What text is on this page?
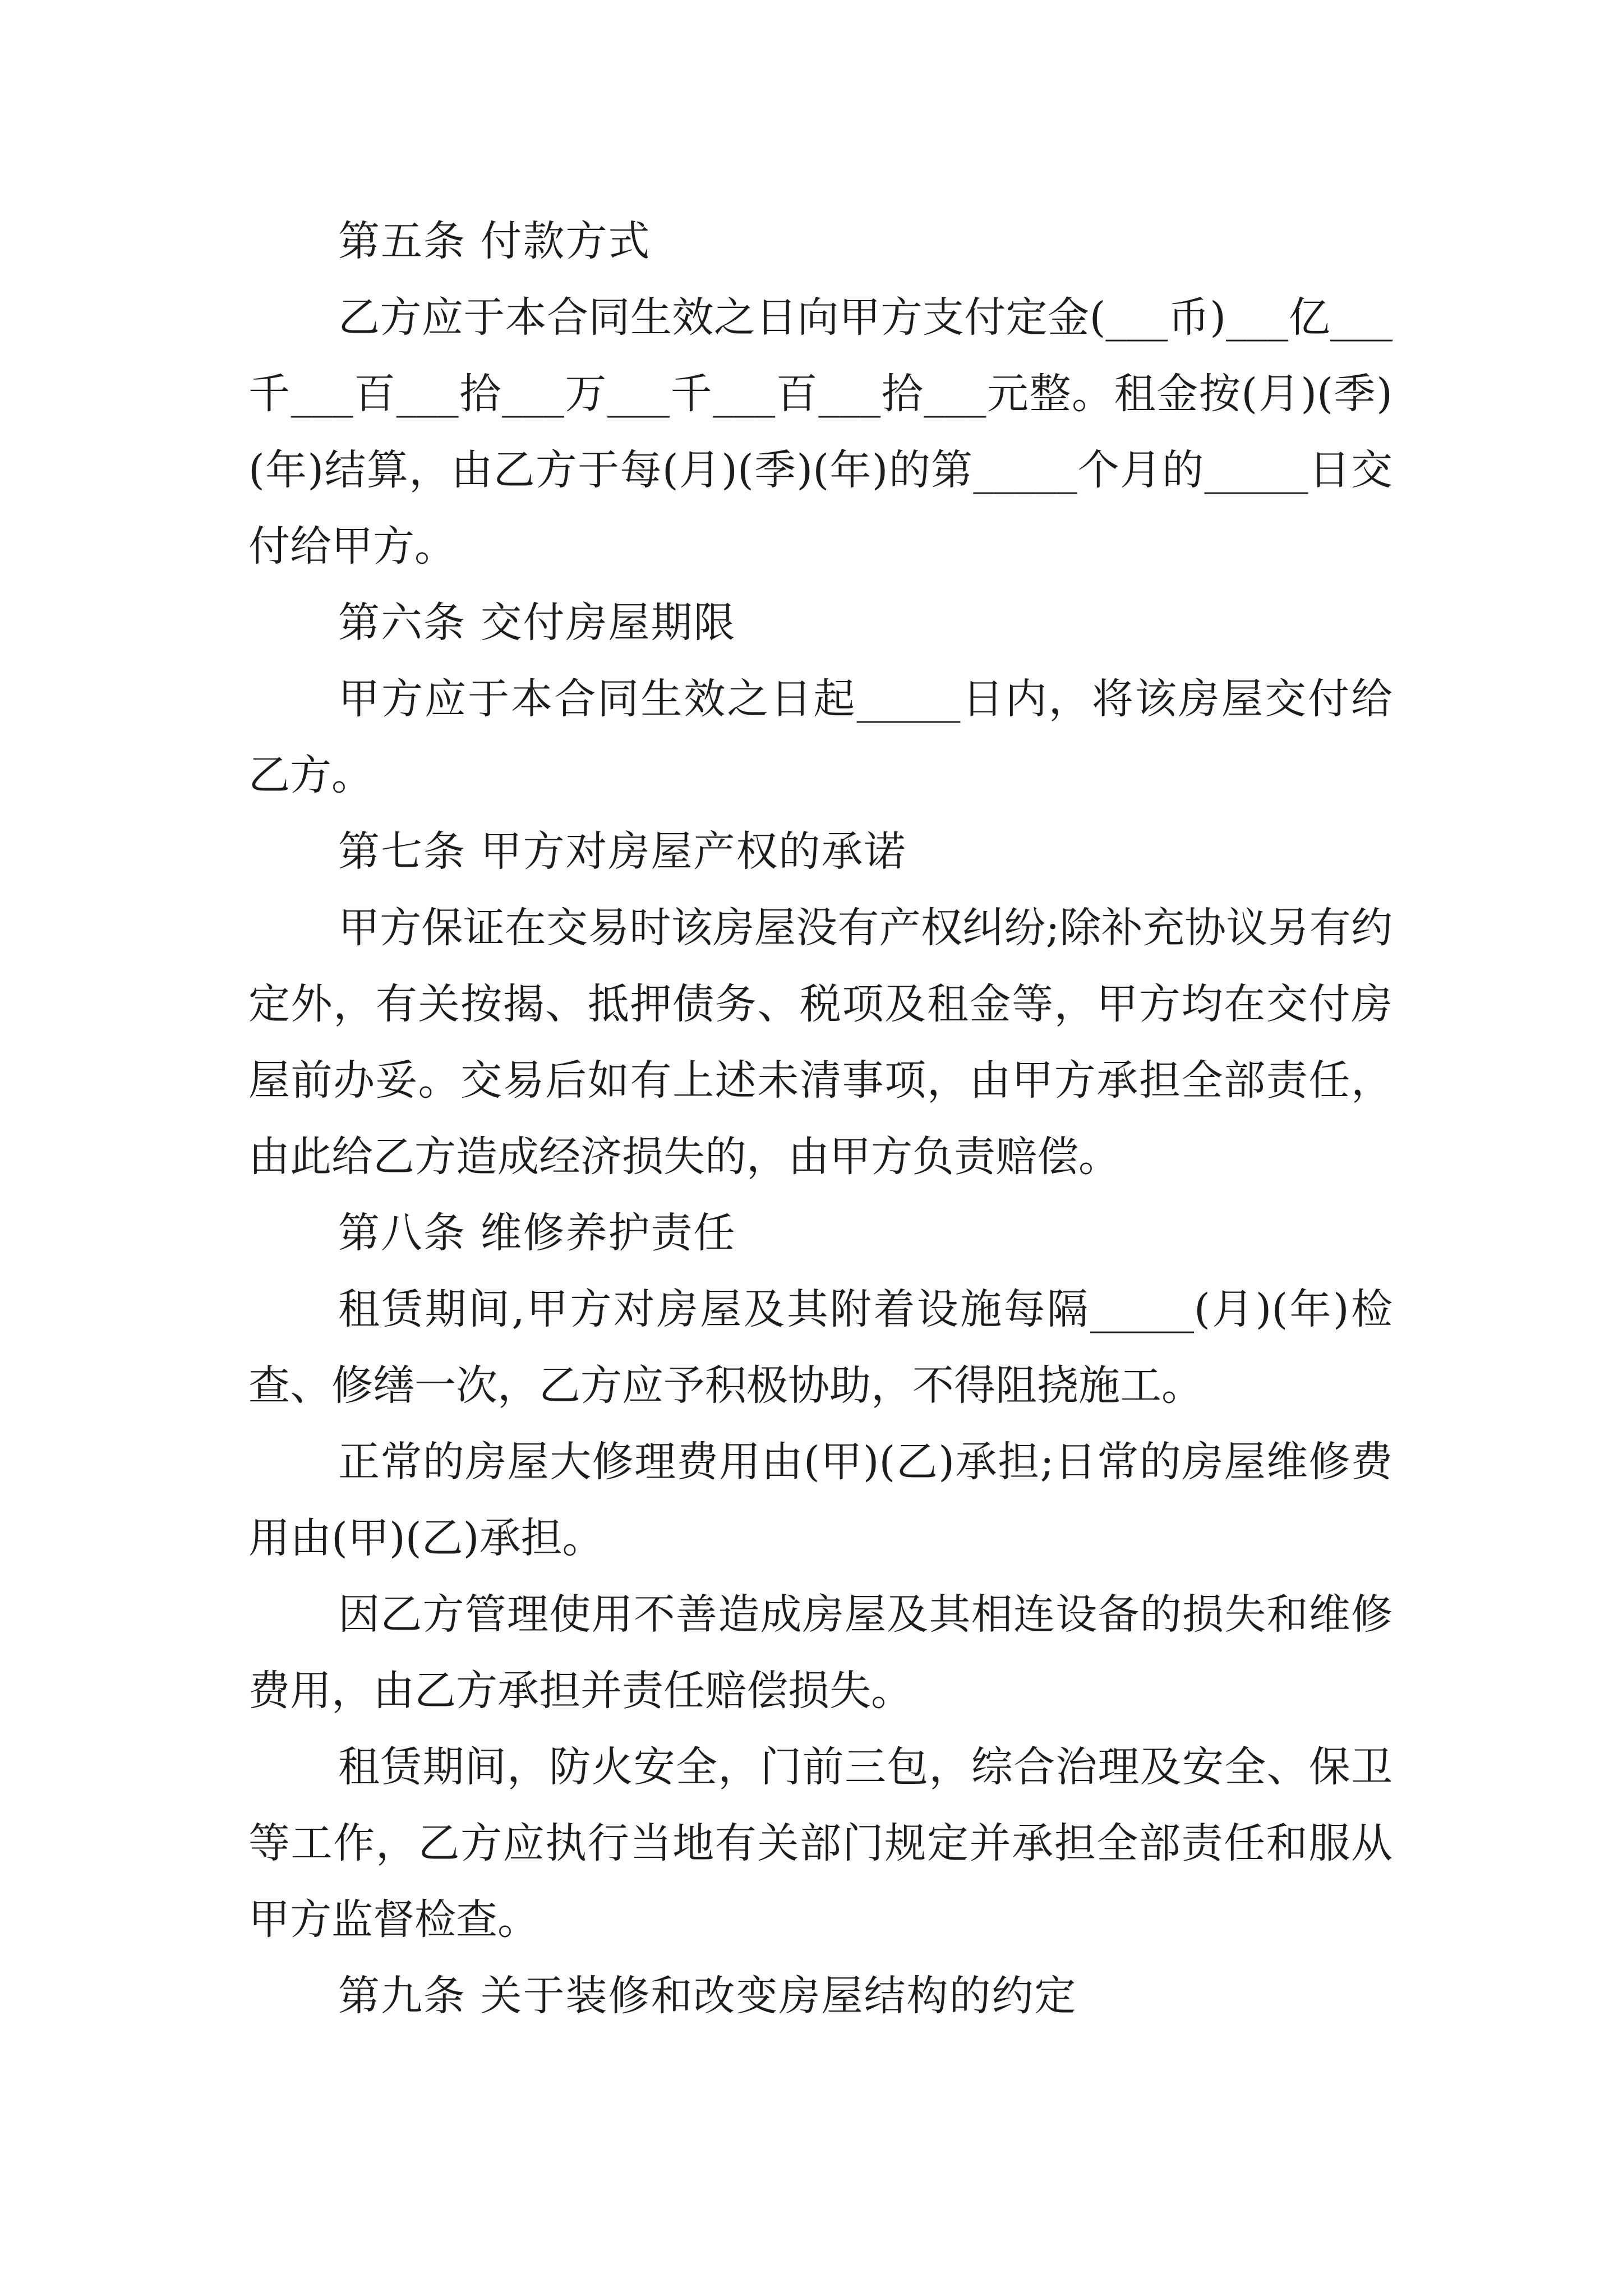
第五条 付款方式

乙方应于本合同生效之日向甲方支付定金(___币)___亿___千___百___拾___万___千___百___拾___元整。租金按(月)(季)(年)结算，由乙方于每(月)(季)(年)的第_____个月的_____日交付给甲方。

第六条 交付房屋期限

甲方应于本合同生效之日起_____日内，将该房屋交付给乙方。

第七条 甲方对房屋产权的承诺

甲方保证在交易时该房屋没有产权纠纷;除补充协议另有约定外，有关按揭、抵押债务、税项及租金等，甲方均在交付房屋前办妥。交易后如有上述未清事项，由甲方承担全部责任，由此给乙方造成经济损失的，由甲方负责赔偿。

第八条 维修养护责任

租赁期间,甲方对房屋及其附着设施每隔_____(月)(年)检查、修缮一次，乙方应予积极协助，不得阻挠施工。

正常的房屋大修理费用由(甲)(乙)承担;日常的房屋维修费用由(甲)(乙)承担。

因乙方管理使用不善造成房屋及其相连设备的损失和维修费用，由乙方承担并责任赔偿损失。

租赁期间，防火安全，门前三包，综合治理及安全、保卫等工作，乙方应执行当地有关部门规定并承担全部责任和服从甲方监督检查。

第九条 关于装修和改变房屋结构的约定
